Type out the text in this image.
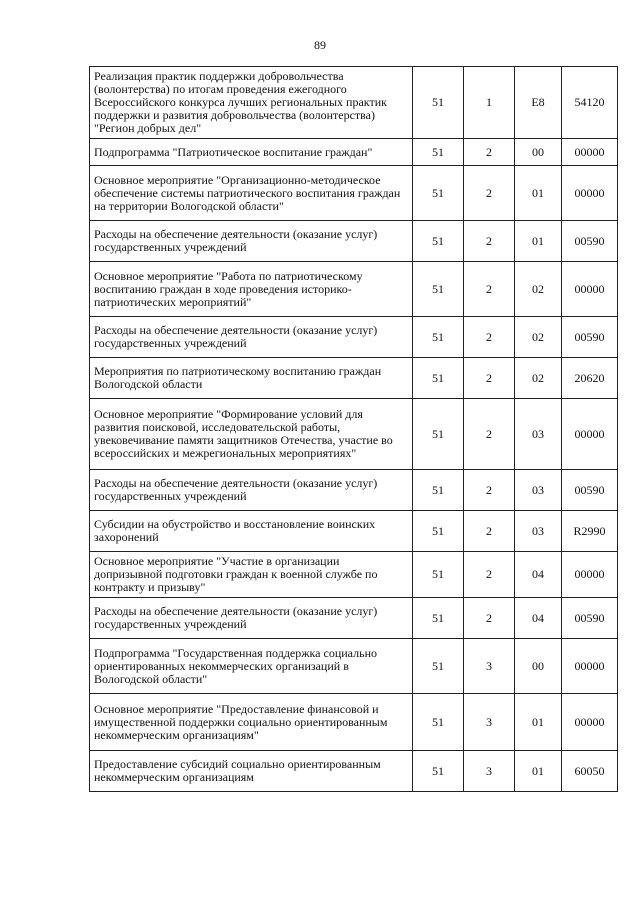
89
Реализация практик поддержки добровольчества (волонтерства) по итогам проведения ежегодного Всероссийского конкурса лучших региональных практик поддержки и развития добровольчества (волонтерства) "Регион добрых дел"	51	1	E8	54120
Подпрограмма "Патриотическое воспитание граждан"	51	2	00	00000
Основное мероприятие "Организационно-методическое обеспечение системы патриотического воспитания граждан на территории Вологодской области"	51	2	01	00000
Расходы на обеспечение деятельности (оказание услуг) государственных учреждений	51	2	01	00590
Основное мероприятие "Работа по патриотическому воспитанию граждан в ходе проведения историко-патриотических мероприятий"	51	2	02	00000
Расходы на обеспечение деятельности (оказание услуг) государственных учреждений	51	2	02	00590
Мероприятия по патриотическому воспитанию граждан Вологодской области	51	2	02	20620
Основное мероприятие "Формирование условий для развития поисковой, исследовательской работы, увековечивание памяти защитников Отечества, участие во всероссийских и межрегиональных мероприятиях"	51	2	03	00000
Расходы на обеспечение деятельности (оказание услуг) государственных учреждений	51	2	03	00590
Субсидии на обустройство и восстановление воинских захоронений	51	2	03	R2990
Основное мероприятие "Участие в организации допризывной подготовки граждан к военной службе по контракту и призыву"	51	2	04	00000
Расходы на обеспечение деятельности (оказание услуг) государственных учреждений	51	2	04	00590
Подпрограмма "Государственная поддержка социально ориентированных некоммерческих организаций в Вологодской области"	51	3	00	00000
Основное мероприятие "Предоставление финансовой и имущественной поддержки социально ориентированным некоммерческим организациям"	51	3	01	00000
Предоставление субсидий социально ориентированным некоммерческим организациям	51	3	01	60050
